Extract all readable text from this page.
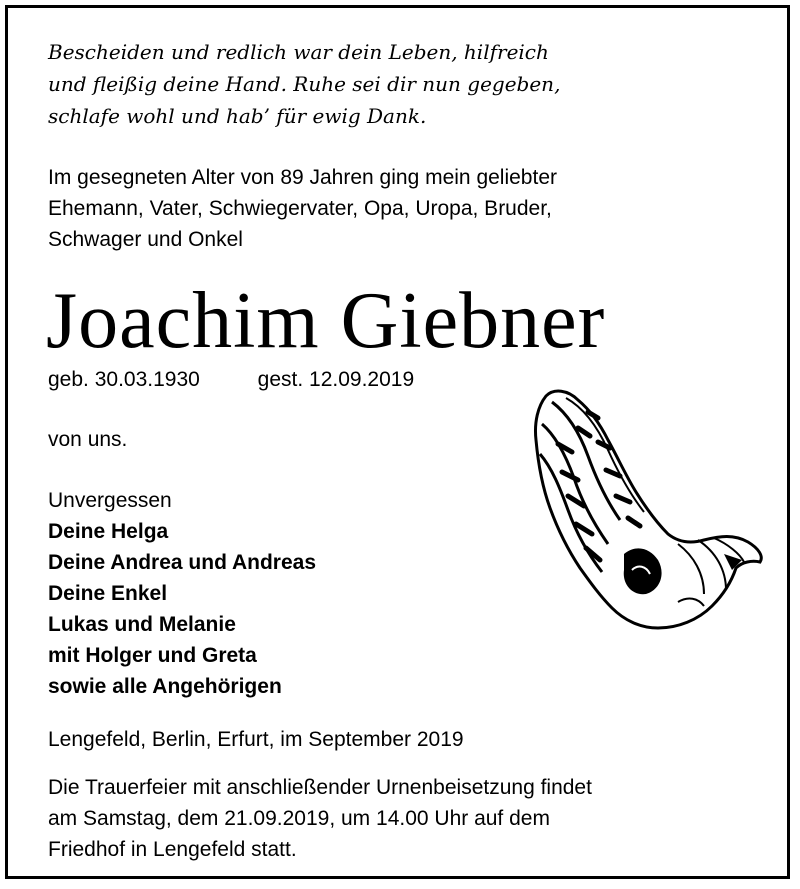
Bescheiden und redlich war dein Leben, hilfreich
und fleißig deine Hand. Ruhe sei dir nun gegeben,
schlafe wohl und hab’ für ewig Dank.
Im gesegneten Alter von 89 Jahren ging mein geliebter
Ehemann, Vater, Schwiegervater, Opa, Uropa, Bruder,
Schwager und Onkel
Joachim Giebner
geb. 30.03.1930	gest. 12.09.2019
von uns.
Unvergessen
Deine Helga
Deine Andrea und Andreas
Deine Enkel
Lukas und Melanie
mit Holger und Greta
sowie alle Angehörigen
Lengefeld, Berlin, Erfurt, im September 2019
Die Trauerfeier mit anschließender Urnenbeisetzung findet
am Samstag, dem 21.09.2019, um 14.00 Uhr auf dem
Friedhof in Lengefeld statt.
